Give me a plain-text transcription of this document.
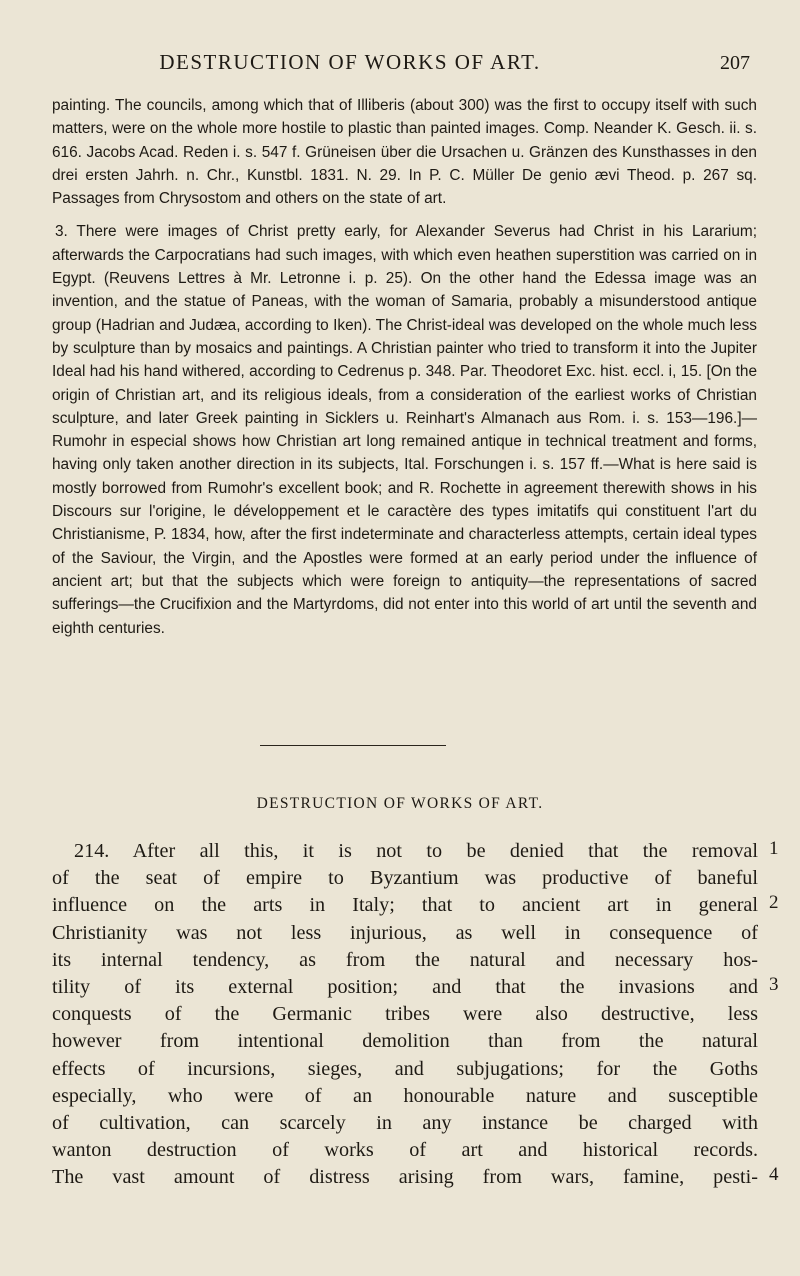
DESTRUCTION OF WORKS OF ART.	207

painting. The councils, among which that of Illiberis (about 300) was the first to occupy itself with such matters, were on the whole more hostile to plastic than painted images. Comp. Neander K. Gesch. ii. s. 616. Jacobs Acad. Reden i. s. 547 f. Grüneisen über die Ursachen u. Gränzen des Kunsthasses in den drei ersten Jahrh. n. Chr., Kunstbl. 1831. N. 29. In P. C. Müller De genio ævi Theod. p. 267 sq. Passages from Chrysostom and others on the state of art.

3. There were images of Christ pretty early, for Alexander Severus had Christ in his Lararium; afterwards the Carpocratians had such images, with which even heathen superstition was carried on in Egypt. (Reuvens Lettres à Mr. Letronne i. p. 25). On the other hand the Edessa image was an invention, and the statue of Paneas, with the woman of Samaria, probably a misunderstood antique group (Hadrian and Judæa, according to Iken). The Christ-ideal was developed on the whole much less by sculpture than by mosaics and paintings. A Christian painter who tried to transform it into the Jupiter Ideal had his hand withered, according to Cedrenus p. 348. Par. Theodoret Exc. hist. eccl. i, 15. [On the origin of Christian art, and its religious ideals, from a consideration of the earliest works of Christian sculpture, and later Greek painting in Sicklers u. Reinhart's Almanach aus Rom. i. s. 153—196.]—Rumohr in especial shows how Christian art long remained antique in technical treatment and forms, having only taken another direction in its subjects, Ital. Forschungen i. s. 157 ff.—What is here said is mostly borrowed from Rumohr's excellent book; and R. Rochette in agreement therewith shows in his Discours sur l'origine, le développement et le caractère des types imitatifs qui constituent l'art du Christianisme, P. 1834, how, after the first indeterminate and characterless attempts, certain ideal types of the Saviour, the Virgin, and the Apostles were formed at an early period under the influence of ancient art; but that the subjects which were foreign to antiquity—the representations of sacred sufferings—the Crucifixion and the Martyrdoms, did not enter into this world of art until the seventh and eighth centuries.

DESTRUCTION OF WORKS OF ART.
214. After all this, it is not to be denied that the removal
of the seat of empire to Byzantium was productive of baneful
influence on the arts in Italy; that to ancient art in general
Christianity was not less injurious, as well in consequence of
its internal tendency, as from the natural and necessary hos-
tility of its external position; and that the invasions and
conquests of the Germanic tribes were also destructive, less
however from intentional demolition than from the natural
effects of incursions, sieges, and subjugations; for the Goths
especially, who were of an honourable nature and susceptible
of cultivation, can scarcely in any instance be charged with
wanton destruction of works of art and historical records.
The vast amount of distress arising from wars, famine, pesti-
1
2
3
4
